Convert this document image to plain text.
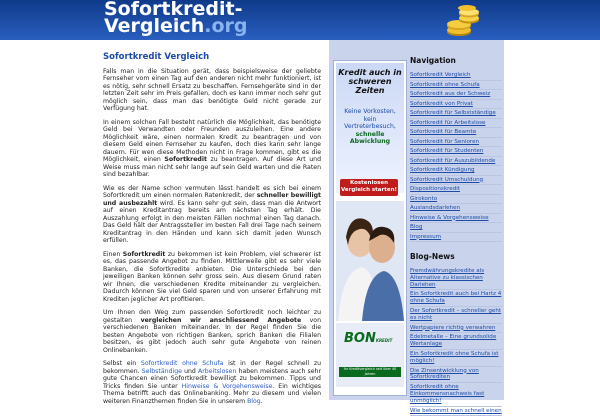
Sofortkredit-
Vergleich.org
Sofortkredit Vergleich

Falls man in die Situation gerät, dass beispielsweise der geliebte Fernseher vom einen Tag auf den anderen nicht mehr funktioniert, ist es nötig, sehr schnell Ersatz zu beschaffen. Fernsehgeräte sind in der letzten Zeit sehr im Preis gefallen, doch es kann immer noch sehr gut möglich sein, dass man das benötigte Geld nicht gerade zur Verfügung hat.

In einem solchen Fall besteht natürlich die Möglichkeit, das benötigte Geld bei Verwandten oder Freunden auszuleihen. Eine andere Möglichkeit wäre, einen normalen Kredit zu beantragen und von diesem Geld einen Fernseher zu kaufen, doch dies kann sehr lange dauern. Für wen diese Methoden nicht in Frage kommen, gibt es die Möglichkeit, einen Sofortkredit zu beantragen. Auf diese Art und Weise muss man nicht sehr lange auf sein Geld warten und die Raten sind bezahlbar.

Wie es der Name schon vermuten lässt handelt es sich bei einem Sofortkredit um einen normalen Ratenkredit, der schneller bewilligt und ausbezahlt wird. Es kann sehr gut sein, dass man die Antwort auf einen Kreditantrag bereits am nächsten Tag erhält. Die Auszahlung erfolgt in den meisten Fällen nochmal einen Tag danach. Das Geld hält der Antragssteller im besten Fall drei Tage nach seinem Kreditantrag in den Händen und kann sich damit jeden Wunsch erfüllen.

Einen Sofortkredit zu bekommen ist kein Problem, viel schwerer ist es, das passende Angebot zu finden. Mittlerweile gibt es sehr viele Banken, die Sofortkredite anbieten. Die Unterschiede bei den jeweiligen Banken können sehr gross sein. Aus diesem Grund raten wir Ihnen, die verschiedenen Kredite miteinander zu vergleichen. Dadurch können Sie viel Geld sparen und von unserer Erfahrung mit Krediten jeglicher Art profitieren.

Um Ihnen den Weg zum passenden Sofortkredit noch leichter zu gestalten vergleichen wir anschliessend Angebote von verschiedenen Banken miteinander. In der Regel finden Sie die besten Angebote von richtigen Banken, sprich Banken die Filialen besitzen, es gibt jedoch auch sehr gute Angebote von reinen Onlinebanken.

Selbst ein Sofortkredit ohne Schufa ist in der Regel schnell zu bekommen. Selbständige und Arbeitslosen haben meistens auch sehr gute Chancen einen Sofortkredit bewilligt zu bekommen. Tipps und Tricks finden Sie unter Hinweise & Vorgehensweise. Ein wichtiges Thema betrifft auch das Onlinebanking. Mehr zu diesem und vielen weiteren Finanzthemen finden Sie in unserem Blog.

Kredit auch in schweren Zeiten
Keine Vorkosten, kein Vertreterbesuch,
schnelle Abwicklung
Kostenlosen Vergleich starten!
BONKREDIT
Ihr Kreditvergleich seit über 40 Jahren
Navigation
Sofortkredit Vergleich
Sofortkredit ohne Schufa
Sofortkredit aus der Schweiz
Sofortkredit von Privat
Sofortkredit für Selbstständige
Sofortkredit für Arbeitslose
Sofortkredit für Beamte
Sofortkredit für Senioren
Sofortkredit für Studenten
Sofortkredit für Auszubildende
Sofortkredit Kündigung
Sofortkredit Umschuldung
Dispositionskredit
Girokonto
Auslandsdarlehen
Hinweise & Vorgehensweise
Blog
Impressum
Blog-News
Fremdwährungskredite als Alternative zu klassischen Darlehen
Ein Sofortkredit auch bei Hartz 4 ohne Schufa
Der Sofortkredit – schneller geht es nicht
Wertpapiere richtig verwahren
Edelmetalle – Eine grundsolide Wertanlage
Ein Sofortkredit ohne Schufa ist möglich!
Die Zinsentwicklung von Sofortkrediten
Sofortkredit ohne Einkommensnachweis fast unmöglich!
Wie bekommt man schnell einen
